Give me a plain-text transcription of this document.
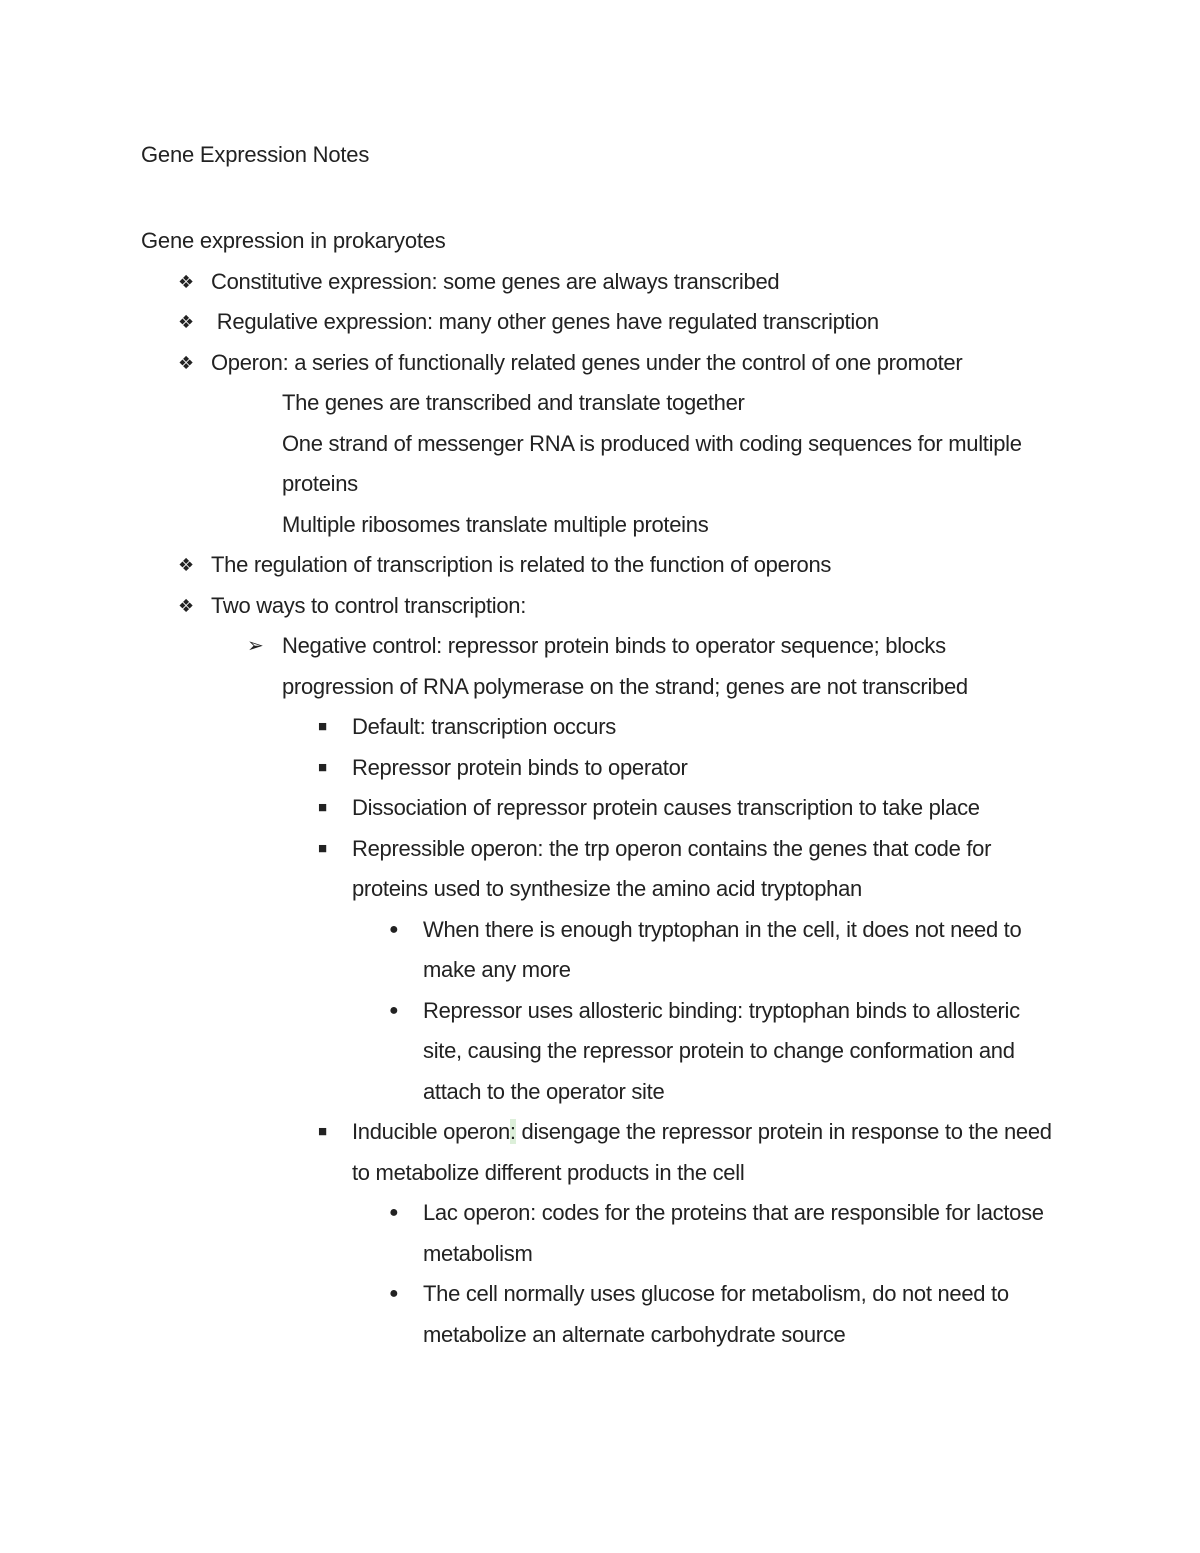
Gene Expression Notes
Gene expression in prokaryotes
❖ Constitutive expression: some genes are always transcribed
❖ Regulative expression: many other genes have regulated transcription
❖ Operon: a series of functionally related genes under the control of one promoter
The genes are transcribed and translate together
One strand of messenger RNA is produced with coding sequences for multiple proteins
Multiple ribosomes translate multiple proteins
❖ The regulation of transcription is related to the function of operons
❖ Two ways to control transcription:
➢ Negative control: repressor protein binds to operator sequence; blocks progression of RNA polymerase on the strand; genes are not transcribed
■ Default: transcription occurs
■ Repressor protein binds to operator
■ Dissociation of repressor protein causes transcription to take place
■ Repressible operon: the trp operon contains the genes that code for proteins used to synthesize the amino acid tryptophan
● When there is enough tryptophan in the cell, it does not need to make any more
● Repressor uses allosteric binding: tryptophan binds to allosteric site, causing the repressor protein to change conformation and attach to the operator site
■ Inducible operon: disengage the repressor protein in response to the need to metabolize different products in the cell
● Lac operon: codes for the proteins that are responsible for lactose metabolism
● The cell normally uses glucose for metabolism, do not need to metabolize an alternate carbohydrate source
